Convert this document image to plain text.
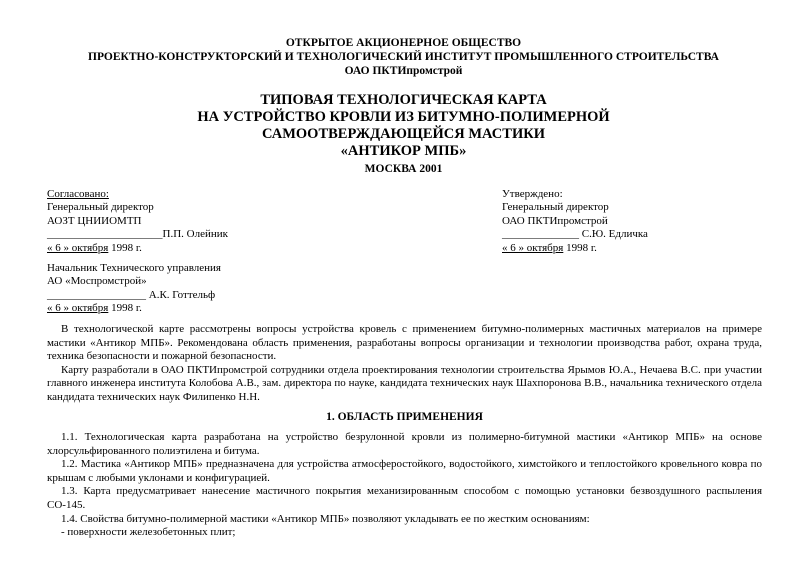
ОТКРЫТОЕ АКЦИОНЕРНОЕ ОБЩЕСТВО
ПРОЕКТНО-КОНСТРУКТОРСКИЙ И ТЕХНОЛОГИЧЕСКИЙ ИНСТИТУТ ПРОМЫШЛЕННОГО СТРОИТЕЛЬСТВА
ОАО ПКТИпромстрой
ТИПОВАЯ ТЕХНОЛОГИЧЕСКАЯ КАРТА
НА УСТРОЙСТВО КРОВЛИ ИЗ БИТУМНО-ПОЛИМЕРНОЙ
САМООТВЕРЖДАЮЩЕЙСЯ МАСТИКИ
«АНТИКОР МПБ»
МОСКВА 2001
Согласовано:
Генеральный директор
АОЗТ ЦНИИОМТП
_____________________П.П. Олейник
« 6 » октября 1998 г.
Начальник Технического управления
АО «Моспромстрой»
__________________ А.К. Готтельф
« 6 » октября 1998 г.
Утверждено:
Генеральный директор
ОАО ПКТИпромстрой
______________ С.Ю. Едличка
« 6 » октября 1998 г.

В технологической карте рассмотрены вопросы устройства кровель с применением битумно-полимерных мастичных материалов на примере мастики «Антикор МПБ». Рекомендована область применения, разработаны вопросы организации и технологии производства работ, охрана труда, техника безопасности и пожарной безопасности.

Карту разработали в ОАО ПКТИпромстрой сотрудники отдела проектирования технологии строительства Ярымов Ю.А., Нечаева В.С. при участии главного инженера института Колобова А.В., зам. директора по науке, кандидата технических наук Шахпоронова В.В., начальника технического отдела кандидата технических наук Филипенко Н.Н.

1. ОБЛАСТЬ ПРИМЕНЕНИЯ

1.1. Технологическая карта разработана на устройство безрулонной кровли из полимерно-битумной мастики «Антикор МПБ» на основе хлорсульфированного полиэтилена и битума.

1.2. Мастика «Антикор МПБ» предназначена для устройства атмосферостойкого, водостойкого, химстойкого и теплостойкого кровельного ковра по крышам с любыми уклонами и конфигурацией.

1.3. Карта предусматривает нанесение мастичного покрытия механизированным способом с помощью установки безвоздушного распыления СО-145.

1.4. Свойства битумно-полимерной мастики «Антикор МПБ» позволяют укладывать ее по жестким основаниям:

- поверхности железобетонных плит;
